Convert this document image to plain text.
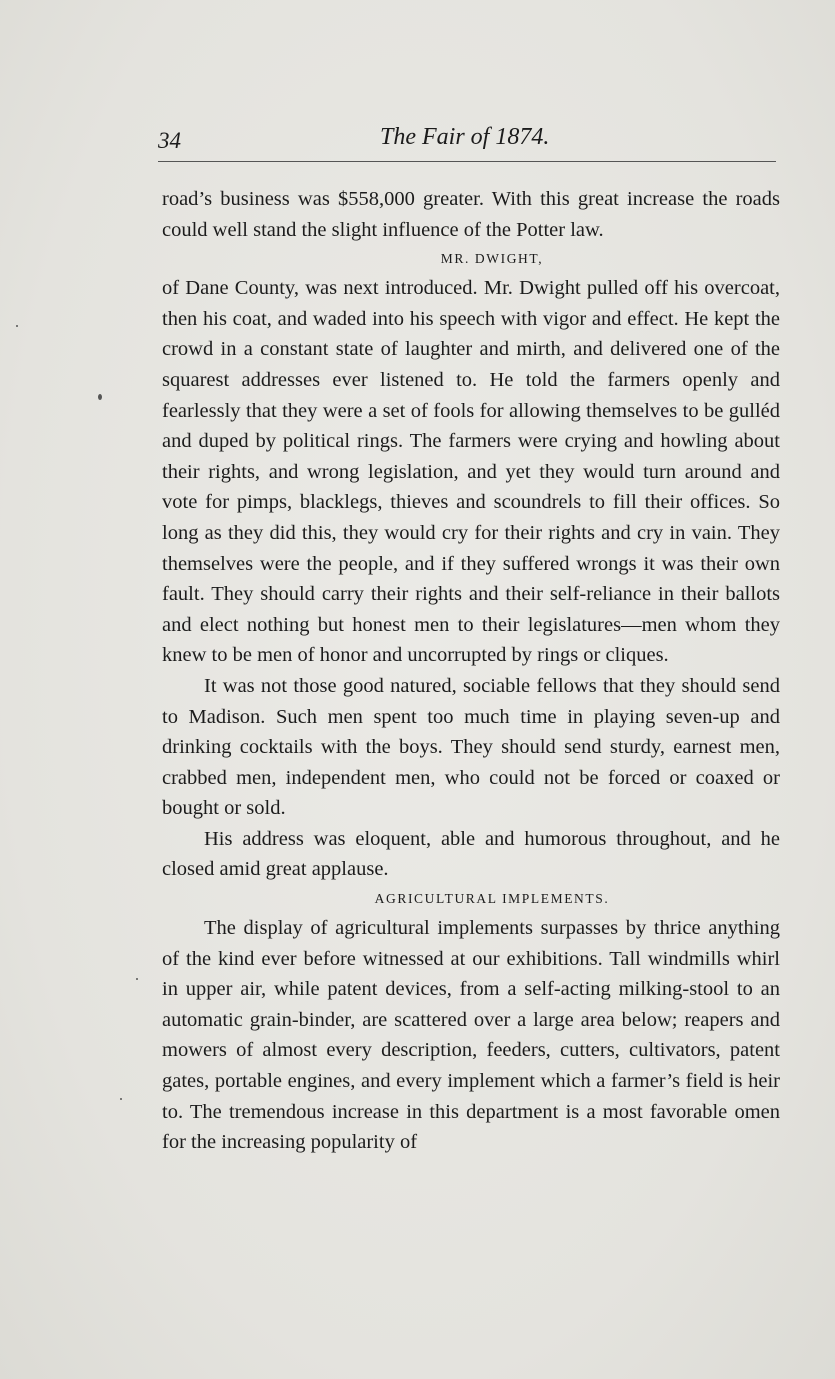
34	The Fair of 1874.

road’s business was $558,000 greater. With this great increase the roads could well stand the slight influence of the Potter law.

MR. DWIGHT,

of Dane County, was next introduced. Mr. Dwight pulled off his overcoat, then his coat, and waded into his speech with vigor and effect. He kept the crowd in a constant state of laughter and mirth, and delivered one of the squarest addresses ever listened to. He told the farmers openly and fearlessly that they were a set of fools for allowing themselves to be gulléd and duped by political rings. The farmers were crying and howling about their rights, and wrong legislation, and yet they would turn around and vote for pimps, blacklegs, thieves and scoundrels to fill their offices. So long as they did this, they would cry for their rights and cry in vain. They themselves were the people, and if they suffered wrongs it was their own fault. They should carry their rights and their self-reliance in their ballots and elect nothing but honest men to their legislatures—men whom they knew to be men of honor and uncorrupted by rings or cliques.

It was not those good natured, sociable fellows that they should send to Madison. Such men spent too much time in playing seven-up and drinking cocktails with the boys. They should send sturdy, earnest men, crabbed men, independent men, who could not be forced or coaxed or bought or sold.

His address was eloquent, able and humorous throughout, and he closed amid great applause.

AGRICULTURAL IMPLEMENTS.

The display of agricultural implements surpasses by thrice anything of the kind ever before witnessed at our exhibitions. Tall windmills whirl in upper air, while patent devices, from a self-acting milking-stool to an automatic grain-binder, are scattered over a large area below; reapers and mowers of almost every description, feeders, cutters, cultivators, patent gates, portable engines, and every implement which a farmer’s field is heir to. The tremendous increase in this department is a most favorable omen for the increasing popularity of
